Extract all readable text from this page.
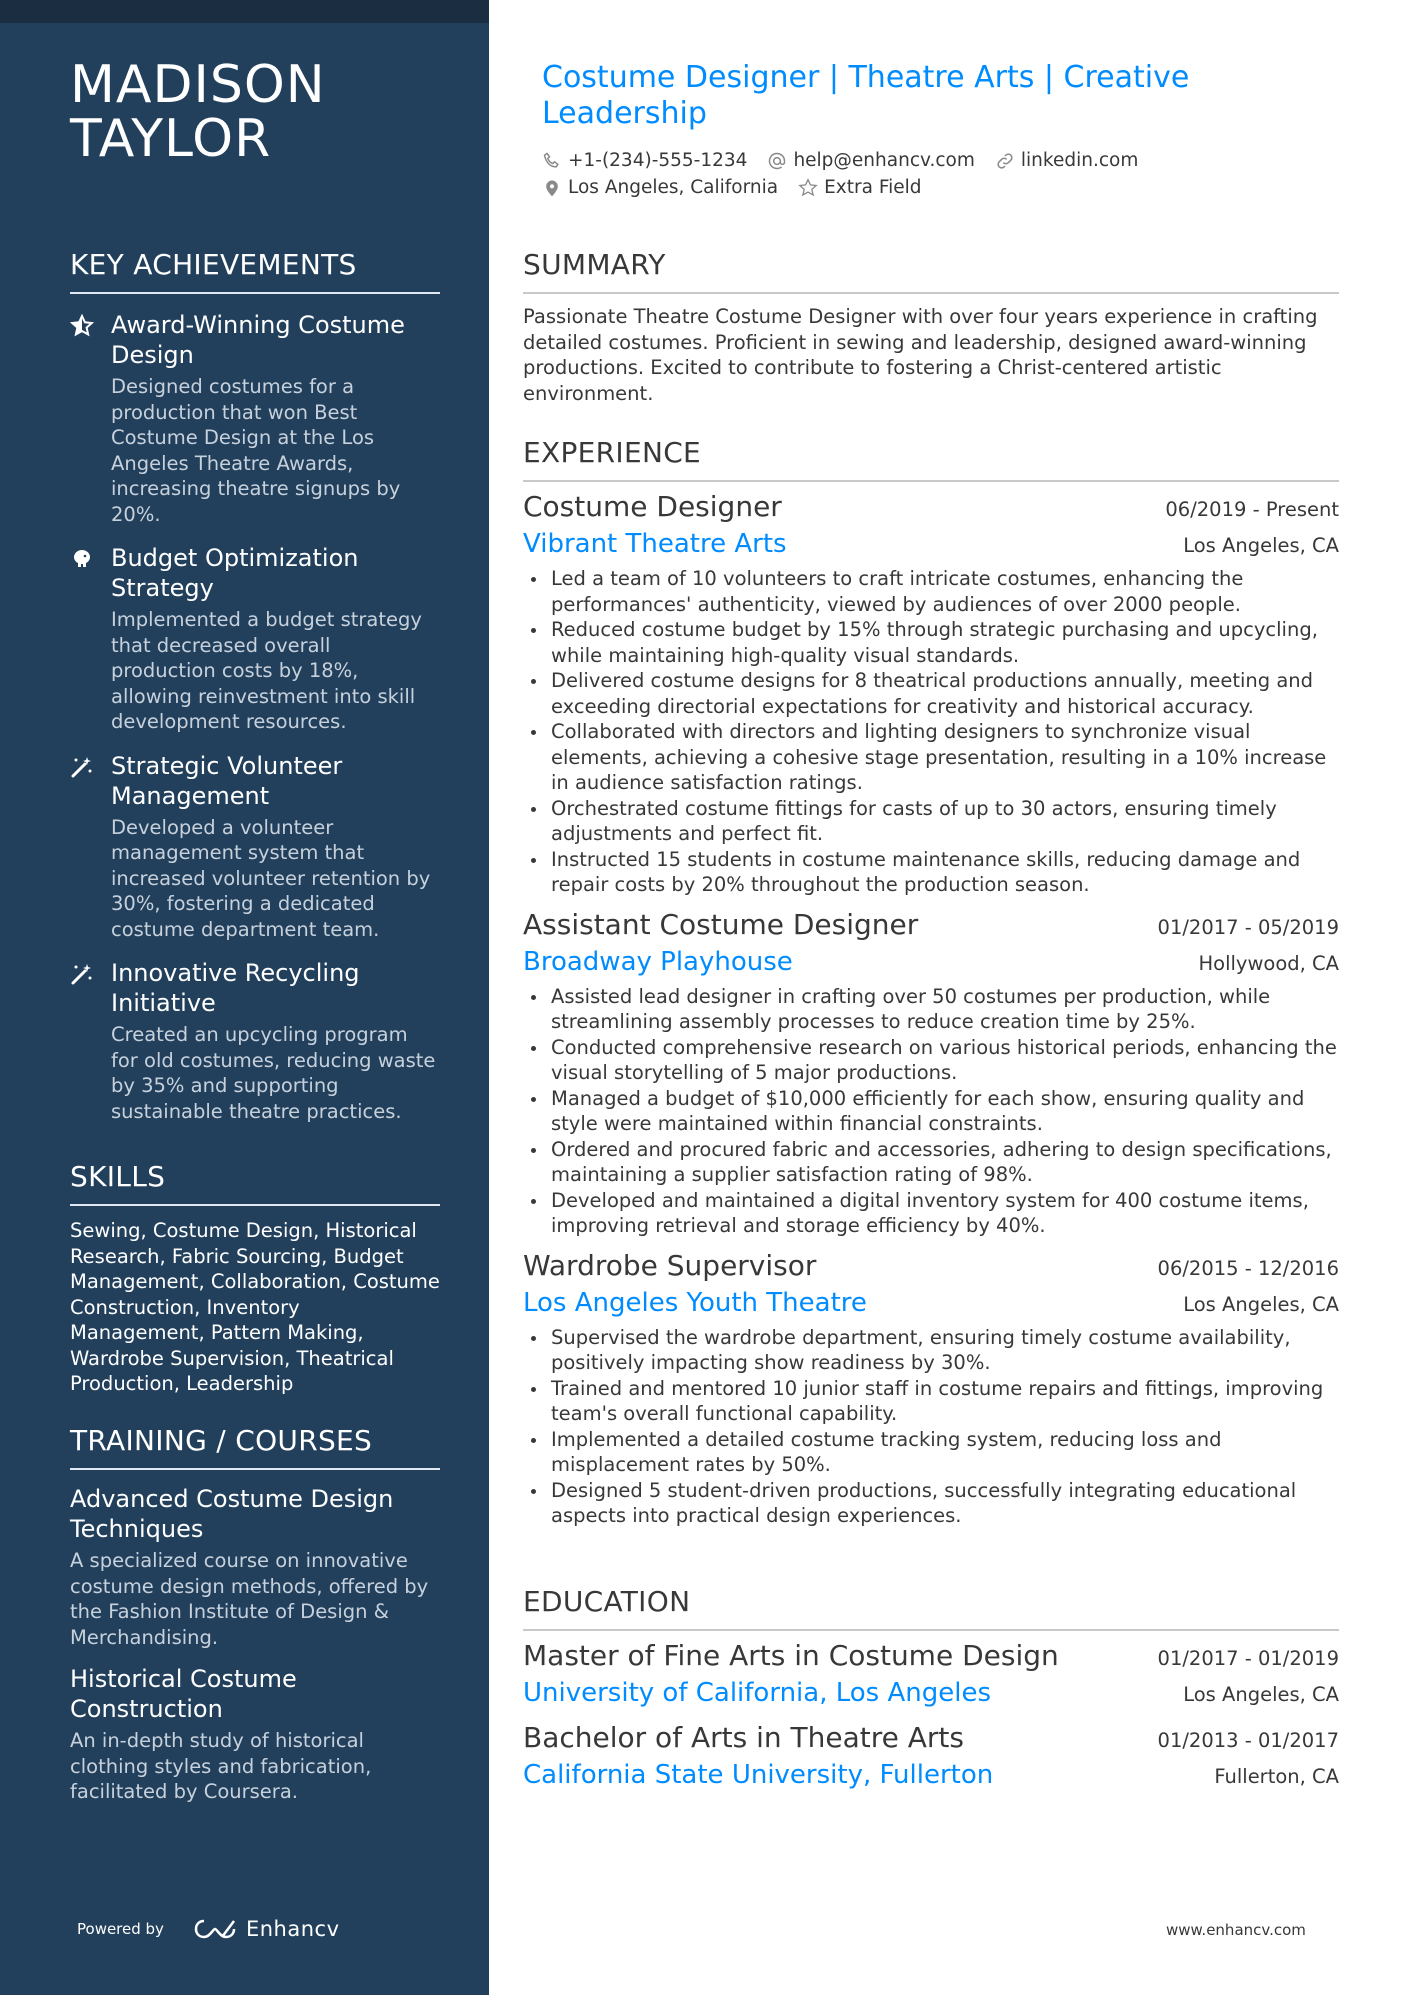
MADISON
TAYLOR
KEY ACHIEVEMENTS
Award-Winning Costume Design
Designed costumes for a production that won Best Costume Design at the Los Angeles Theatre Awards, increasing theatre signups by 20%.
Budget Optimization Strategy
Implemented a budget strategy that decreased overall production costs by 18%, allowing reinvestment into skill development resources.
Strategic Volunteer Management
Developed a volunteer management system that increased volunteer retention by 30%, fostering a dedicated costume department team.
Innovative Recycling Initiative
Created an upcycling program for old costumes, reducing waste by 35% and supporting sustainable theatre practices.
SKILLS
Sewing, Costume Design, Historical Research, Fabric Sourcing, Budget Management, Collaboration, Costume Construction, Inventory Management, Pattern Making, Wardrobe Supervision, Theatrical Production, Leadership
TRAINING / COURSES
Advanced Costume Design Techniques
A specialized course on innovative costume design methods, offered by the Fashion Institute of Design & Merchandising.
Historical Costume Construction
An in-depth study of historical clothing styles and fabrication, facilitated by Coursera.
Powered by	Enhancv
Costume Designer | Theatre Arts | Creative Leadership
+1-(234)-555-1234 help@enhancv.com linkedin.com
Los Angeles, California Extra Field
SUMMARY
Passionate Theatre Costume Designer with over four years experience in crafting detailed costumes. Proficient in sewing and leadership, designed award-winning productions. Excited to contribute to fostering a Christ-centered artistic environment.
EXPERIENCE
Costume Designer	06/2019 - Present
Vibrant Theatre Arts	Los Angeles, CA
Led a team of 10 volunteers to craft intricate costumes, enhancing the performances' authenticity, viewed by audiences of over 2000 people.
Reduced costume budget by 15% through strategic purchasing and upcycling, while maintaining high-quality visual standards.
Delivered costume designs for 8 theatrical productions annually, meeting and exceeding directorial expectations for creativity and historical accuracy.
Collaborated with directors and lighting designers to synchronize visual elements, achieving a cohesive stage presentation, resulting in a 10% increase in audience satisfaction ratings.
Orchestrated costume fittings for casts of up to 30 actors, ensuring timely adjustments and perfect fit.
Instructed 15 students in costume maintenance skills, reducing damage and repair costs by 20% throughout the production season.
Assistant Costume Designer	01/2017 - 05/2019
Broadway Playhouse	Hollywood, CA
Assisted lead designer in crafting over 50 costumes per production, while streamlining assembly processes to reduce creation time by 25%.
Conducted comprehensive research on various historical periods, enhancing the visual storytelling of 5 major productions.
Managed a budget of $10,000 efficiently for each show, ensuring quality and style were maintained within financial constraints.
Ordered and procured fabric and accessories, adhering to design specifications, maintaining a supplier satisfaction rating of 98%.
Developed and maintained a digital inventory system for 400 costume items, improving retrieval and storage efficiency by 40%.
Wardrobe Supervisor	06/2015 - 12/2016
Los Angeles Youth Theatre	Los Angeles, CA
Supervised the wardrobe department, ensuring timely costume availability, positively impacting show readiness by 30%.
Trained and mentored 10 junior staff in costume repairs and fittings, improving team's overall functional capability.
Implemented a detailed costume tracking system, reducing loss and misplacement rates by 50%.
Designed 5 student-driven productions, successfully integrating educational aspects into practical design experiences.
EDUCATION
Master of Fine Arts in Costume Design	01/2017 - 01/2019
University of California, Los Angeles	Los Angeles, CA
Bachelor of Arts in Theatre Arts	01/2013 - 01/2017
California State University, Fullerton	Fullerton, CA
www.enhancv.com
